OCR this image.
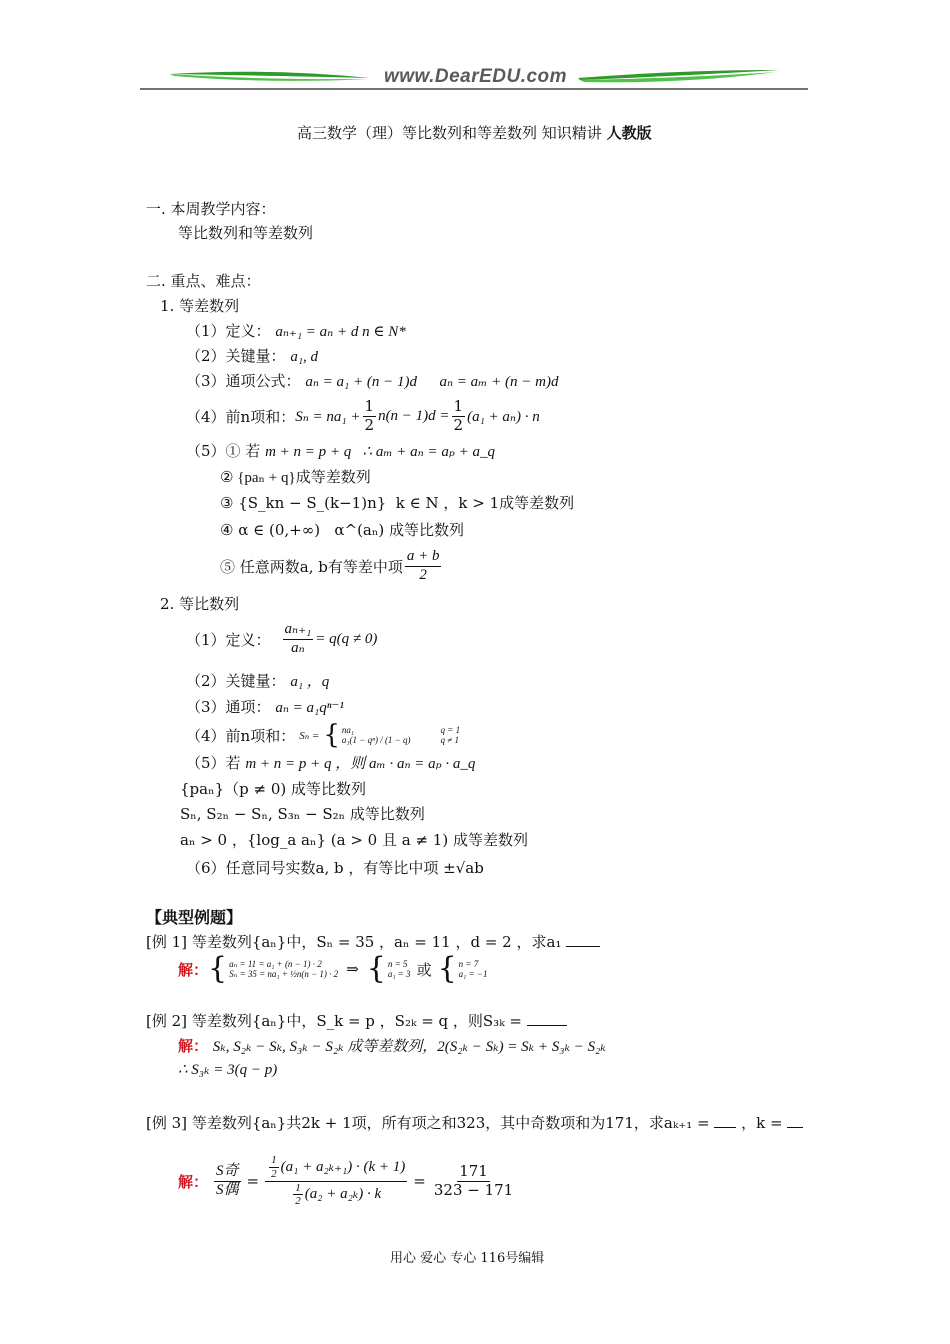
www.DearEDU.com
高三数学（理）等比数列和等差数列 知识精讲 人教版
一. 本周教学内容：
等比数列和等差数列
二. 重点、难点：
1. 等差数列
（1）定义： aₙ₊₁ = aₙ + d n ∈ N*
（2）关键量： a₁, d
（3）通项公式： aₙ = a₁ + (n − 1)d      aₙ = aₘ + (n − m)d
（4）前n项和： $S_n = na_1 + \frac{1}{2} n(n - 1)d = \frac{1}{2} (a_1 + a_n) \cdot n$
（5）① 若 m + n = p + q   ∴ aₘ + aₙ = aₚ + a_q
② {paₙ + q}成等差数列
③ {S_kn − S_(k−1)n}  k ∈ N ，k > 1成等差数列
④ α ∈ (0,+∞)   α^(aₙ) 成等比数列
⑤ 任意两数a, b有等差中项 $\frac{a + b}{2}$
2. 等比数列
（1）定义： $\frac{\text{aₙ₊₁}}{\text{aₙ}} = q(q \ne 0)$
（2）关键量： a₁ ，q
（3）通项： aₙ = a₁qⁿ⁻¹
（4）前n项和： Sₙ = { na₁
a₁(1 − qⁿ) / (1 − q)
q = 1
q ≠ 1
（5）若 m + n = p + q ，则 aₘ · aₙ = aₚ · a_q
{paₙ}（p ≠ 0) 成等比数列
Sₙ, S₂ₙ − Sₙ, S₃ₙ − S₂ₙ 成等比数列
aₙ > 0 ，{log_a aₙ} (a > 0 且 a ≠ 1) 成等差数列
（6）任意同号实数a, b ，有等比中项 ±√ab
【典型例题】
[例 1] 等差数列{aₙ}中，Sₙ = 35 ，aₙ = 11 ，d = 2 ，求a₁
解： { aₙ = 11 = a₁ + (n − 1) · 2
Sₙ = 35 = na₁ + ½n(n − 1) · 2 ⇒ { n = 5
a₁ = 3 或 { n = 7
a₁ = −1
[例 2] 等差数列{aₙ}中，S_k = p ，S₂ₖ = q ，则S₃ₖ =
解： Sₖ, S₂ₖ − Sₖ, S₃ₖ − S₂ₖ 成等差数列，2(S₂ₖ − Sₖ) = Sₖ + S₃ₖ − S₂ₖ
∴ S₃ₖ = 3(q − p)
[例 3] 等差数列{aₙ}共2k + 1项，所有项之和323，其中奇数项和为171，求aₖ₊₁ = ，k =
解： $\frac{\text{S奇}}{\text{S偶}} = \frac{\frac{1}{2} (a_1 + a_{2k+1}) \cdot (k + 1)}{\frac{1}{2} (a_2 + a_{2k}) \cdot k} = \frac{171}{323 - 171}$
用心 爱心 专心 116号编辑
